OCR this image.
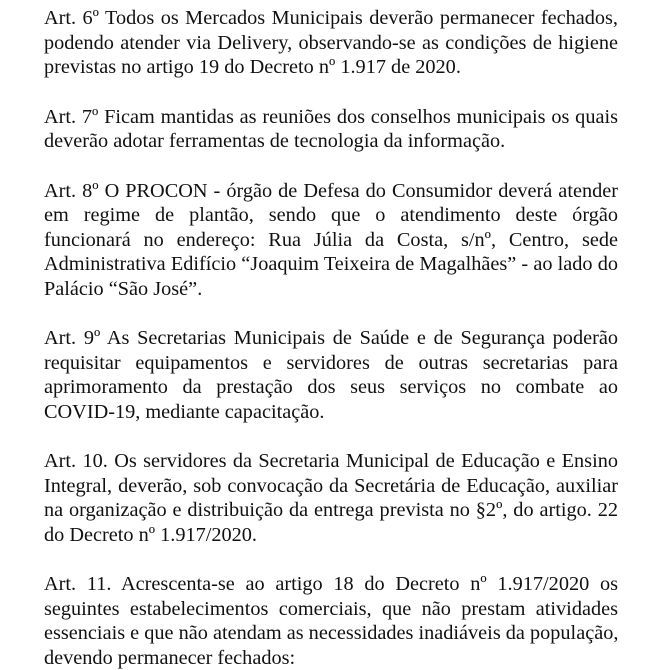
Art. 6º Todos os Mercados Municipais deverão permanecer fechados,
podendo atender via Delivery, observando-se as condições de higiene
previstas no artigo 19 do Decreto nº 1.917 de 2020.
Art. 7º Ficam mantidas as reuniões dos conselhos municipais os quais
deverão adotar ferramentas de tecnologia da informação.
Art. 8º O PROCON - órgão de Defesa do Consumidor deverá atender
em regime de plantão, sendo que o atendimento deste órgão
funcionará no endereço: Rua Júlia da Costa, s/nº, Centro, sede
Administrativa Edifício “Joaquim Teixeira de Magalhães” - ao lado do
Palácio “São José”.
Art. 9º As Secretarias Municipais de Saúde e de Segurança poderão
requisitar equipamentos e servidores de outras secretarias para
aprimoramento da prestação dos seus serviços no combate ao
COVID-19, mediante capacitação.
Art. 10. Os servidores da Secretaria Municipal de Educação e Ensino
Integral, deverão, sob convocação da Secretária de Educação, auxiliar
na organização e distribuição da entrega prevista no §2º, do artigo. 22
do Decreto nº 1.917/2020.
Art. 11. Acrescenta-se ao artigo 18 do Decreto nº 1.917/2020 os
seguintes estabelecimentos comerciais, que não prestam atividades
essenciais e que não atendam as necessidades inadiáveis da população,
devendo permanecer fechados:
